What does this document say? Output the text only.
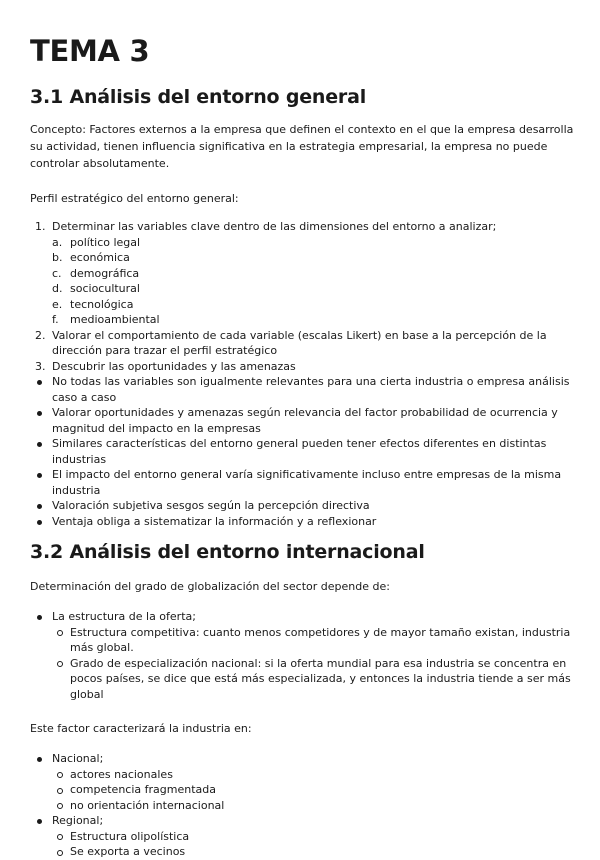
TEMA 3
3.1 Análisis del entorno general

Concepto: Factores externos a la empresa que definen el contexto en el que la empresa desarrolla su actividad, tienen influencia significativa en la estrategia empresarial, la empresa no puede controlar absolutamente.

Perfil estratégico del entorno general:

1. Determinar las variables clave dentro de las dimensiones del entorno a analizar;
a. político legal
b. económica
c. demográfica
d. sociocultural
e. tecnológica
f. medioambiental
2. Valorar el comportamiento de cada variable (escalas Likert) en base a la percepción de la dirección para trazar el perfil estratégico
3. Descubrir las oportunidades y las amenazas
No todas las variables son igualmente relevantes para una cierta industria o empresa análisis caso a caso
Valorar oportunidades y amenazas según relevancia del factor probabilidad de ocurrencia y magnitud del impacto en la empresas
Similares características del entorno general pueden tener efectos diferentes en distintas industrias
El impacto del entorno general varía significativamente incluso entre empresas de la misma industria
Valoración subjetiva sesgos según la percepción directiva
Ventaja obliga a sistematizar la información y a reflexionar
3.2 Análisis del entorno internacional

Determinación del grado de globalización del sector depende de:

La estructura de la oferta;
Estructura competitiva: cuanto menos competidores y de mayor tamaño existan, industria más global.
Grado de especialización nacional: si la oferta mundial para esa industria se concentra en pocos países, se dice que está más especializada, y entonces la industria tiende a ser más global

Este factor caracterizará la industria en:

Nacional;
actores nacionales
competencia fragmentada
no orientación internacional
Regional;
Estructura olipolística
Se exporta a vecinos
